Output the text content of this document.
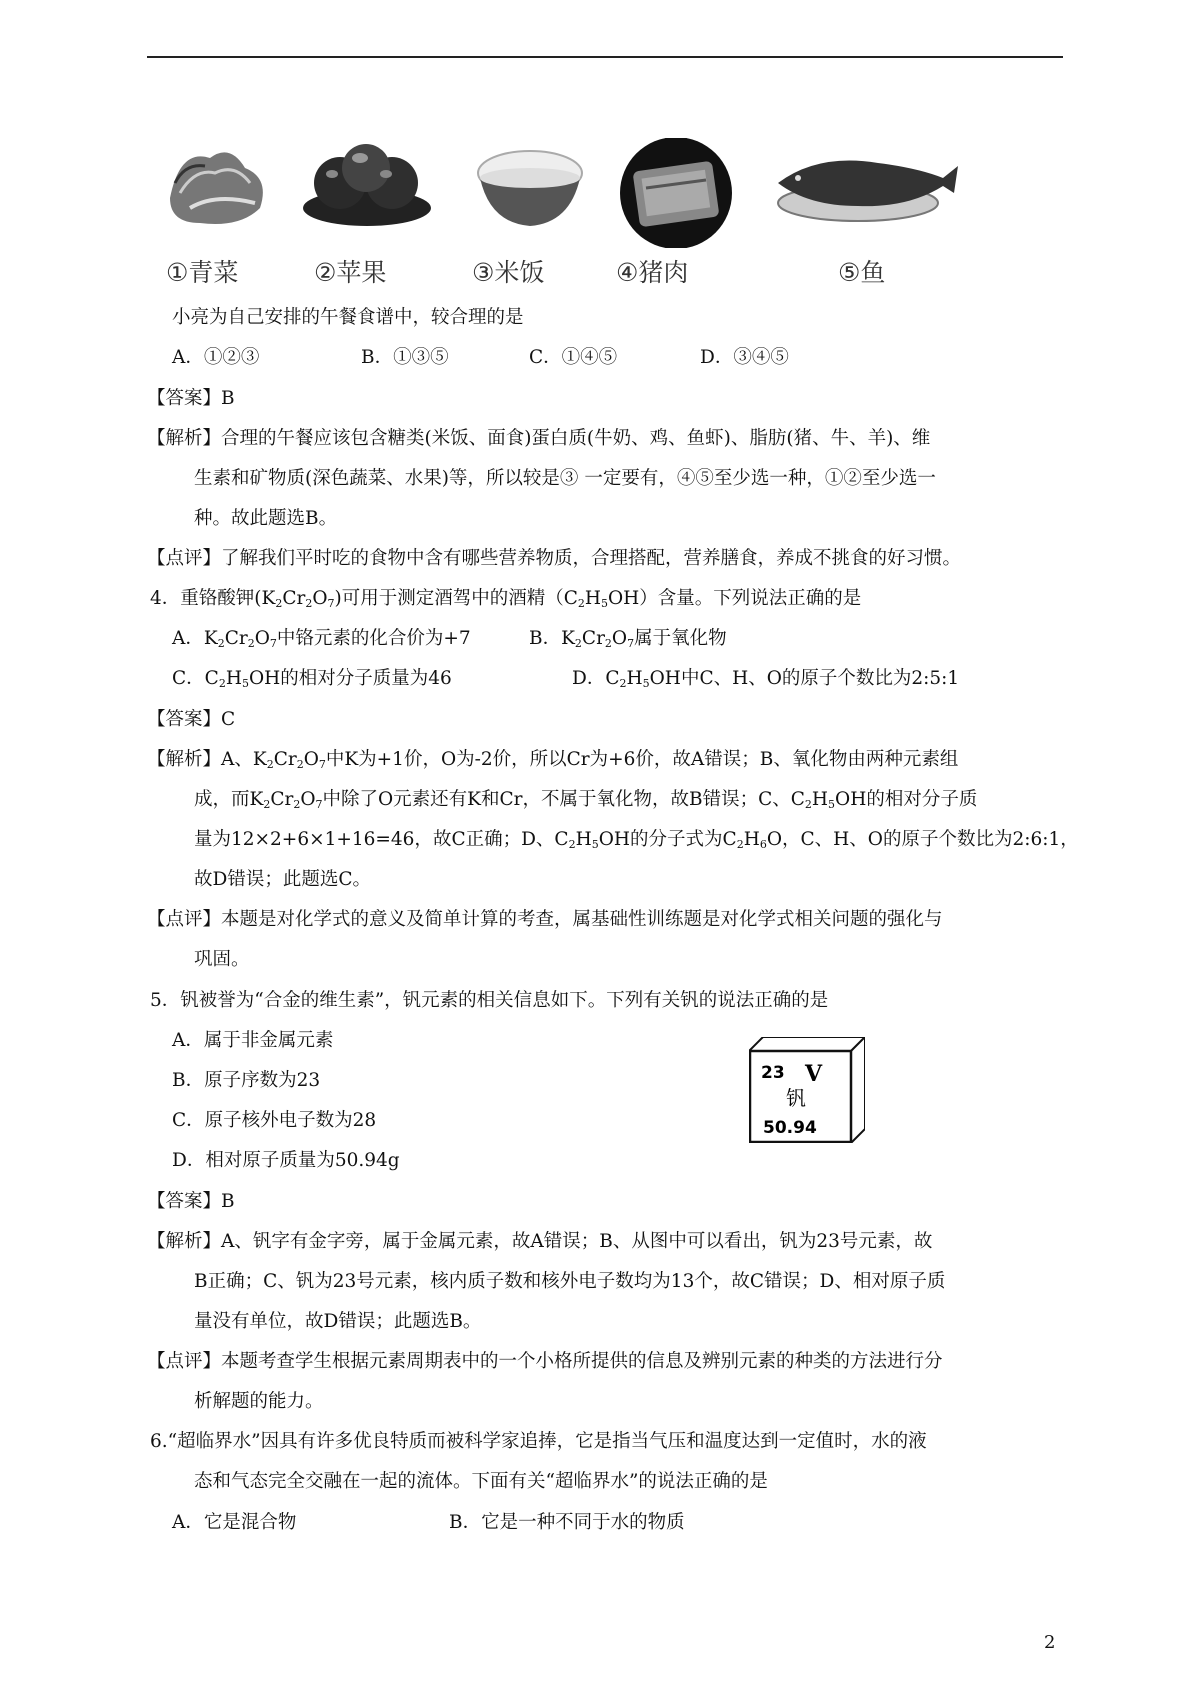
①青菜	②苹果	③米饭	④猪肉	⑤鱼
小亮为自己安排的午餐食谱中，较合理的是
A．①②③	B．①③⑤	C．①④⑤	D．③④⑤
【答案】B
【解析】合理的午餐应该包含糖类(米饭、面食)蛋白质(牛奶、鸡、鱼虾)、脂肪(猪、牛、羊)、维
生素和矿物质(深色蔬菜、水果)等，所以较是③ 一定要有，④⑤至少选一种，①②至少选一
种。故此题选B。
【点评】了解我们平时吃的食物中含有哪些营养物质，合理搭配，营养膳食，养成不挑食的好习惯。
4．重铬酸钾$(K_2Cr_2O_7)$可用于测定酒驾中的酒精$(C_2H_5OH)$含量。下列说法正确的是
A．$K_2Cr_2O_7$中铬元素的化合价为+7	B．$K_2Cr_2O_7$属于氧化物
C．$C_2H_5OH$的相对分子质量为46	D．$C_2H_5OH$中C、H、O的原子个数比为2:5:1
【答案】C
【解析】A、$K_2Cr_2O_7$中K为+1价，O为-2价，所以Cr为+6价，故A错误；B、氧化物由两种元素组
成，而$K_2Cr_2O_7$中除了O元素还有K和Cr，不属于氧化物，故B错误；C、$C_2H_5OH$的相对分子质
量为12×2+6×1+16=46，故C正确；D、$C_2H_5OH$的分子式为$C_2H_6O$，C、H、O的原子个数比为2:6:1，
故D错误；此题选C。
【点评】本题是对化学式的意义及简单计算的考查，属基础性训练题是对化学式相关问题的强化与
巩固。
5．钒被誉为“合金的维生素”，钒元素的相关信息如下。下列有关钒的说法正确的是
A．属于非金属元素
B．原子序数为23
C．原子核外电子数为28
D．相对原子质量为50.94g
23 V
钒
50.94
【答案】B
【解析】A、钒字有金字旁，属于金属元素，故A错误；B、从图中可以看出，钒为23号元素，故
B正确；C、钒为23号元素，核内质子数和核外电子数均为13个，故C错误；D、相对原子质
量没有单位，故D错误；此题选B。
【点评】本题考查学生根据元素周期表中的一个小格所提供的信息及辨别元素的种类的方法进行分
析解题的能力。
6.“超临界水”因具有许多优良特质而被科学家追捧，它是指当气压和温度达到一定值时，水的液
态和气态完全交融在一起的流体。下面有关“超临界水”的说法正确的是
A．它是混合物	B．它是一种不同于水的物质
2
